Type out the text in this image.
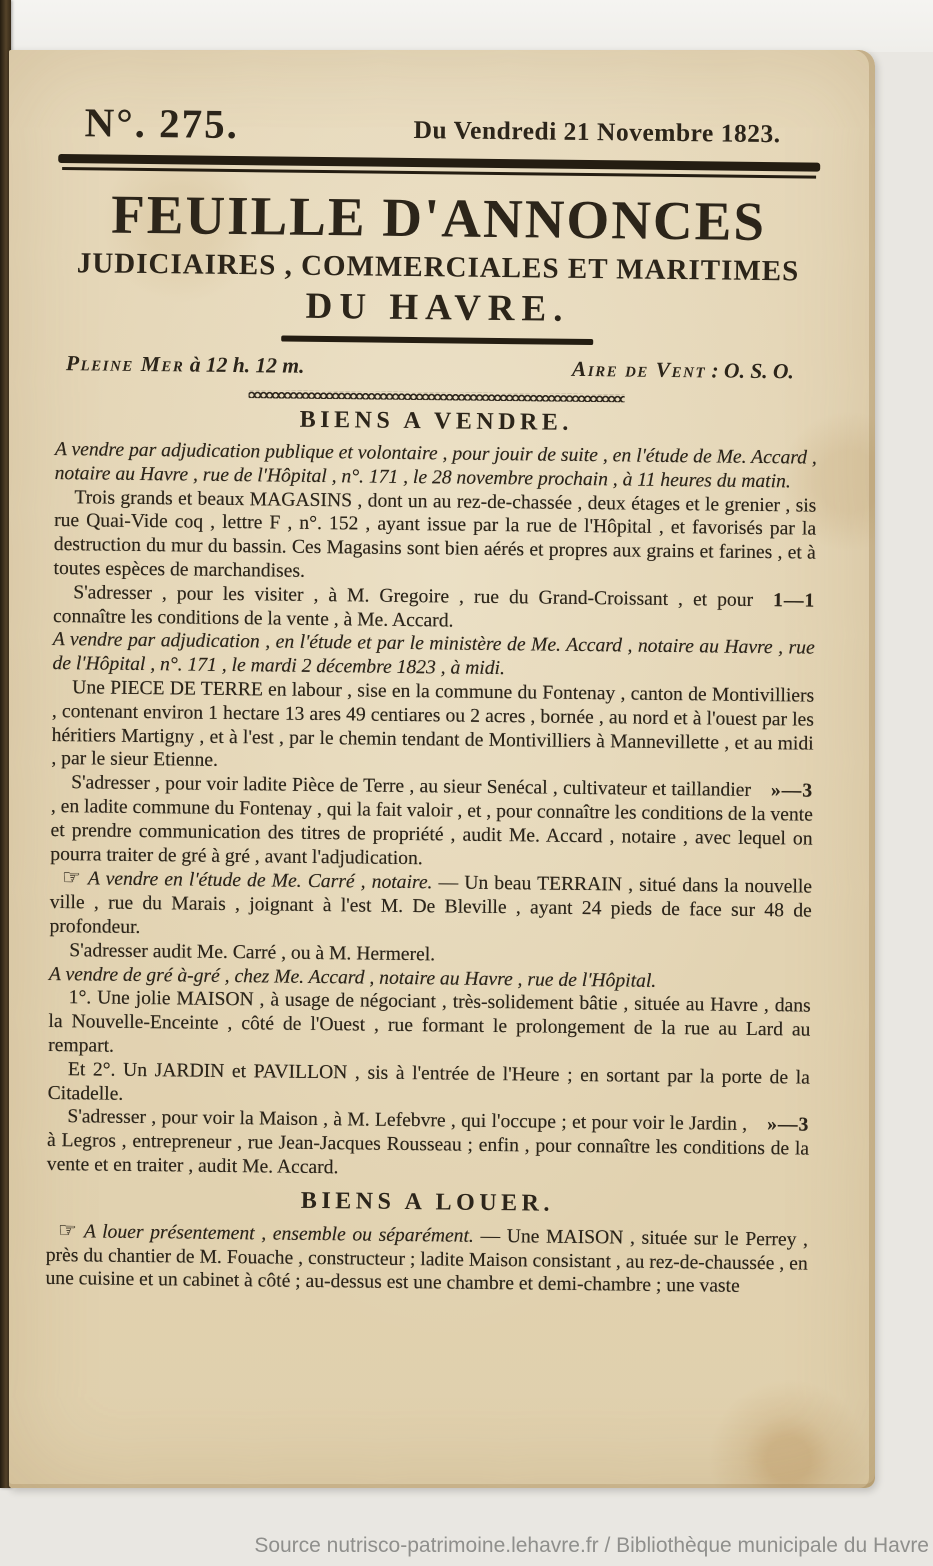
N°. 275.	Du Vendredi 21 Novembre 1823.
FEUILLE D'ANNONCES
JUDICIAIRES , COMMERCIALES ET MARITIMES
DU HAVRE.
Pleine Mer à 12 h. 12 m.	Aire de Vent : O. S. O.
BIENS A VENDRE.

A vendre par adjudication publique et volontaire , pour jouir de suite , en l'étude de Me. Accard , notaire au Havre , rue de l'Hôpital , n°. 171 , le 28 novembre prochain , à 11 heures du matin.

Trois grands et beaux MAGASINS , dont un au rez-de-chassée , deux étages et le grenier , sis rue Quai-Vide coq , lettre F , n°. 152 , ayant issue par la rue de l'Hôpital , et favorisés par la destruction du mur du bassin. Ces Magasins sont bien aérés et propres aux grains et farines , et à toutes espèces de marchandises.

1—1
S'adresser , pour les visiter , à M. Gregoire , rue du Grand-Croissant , et pour connaître les conditions de la vente , à Me. Accard.

A vendre par adjudication , en l'étude et par le ministère de Me. Accard , notaire au Havre , rue de l'Hôpital , n°. 171 , le mardi 2 décembre 1823 , à midi.

Une PIECE DE TERRE en labour , sise en la commune du Fontenay , canton de Montivilliers , contenant environ 1 hectare 13 ares 49 centiares ou 2 acres , bornée , au nord et à l'ouest par les héritiers Martigny , et à l'est , par le chemin tendant de Montivilliers à Mannevillette , et au midi , par le sieur Etienne.

»—3
S'adresser , pour voir ladite Pièce de Terre , au sieur Senécal , cultivateur et taillandier , en ladite commune du Fontenay , qui la fait valoir , et , pour connaître les conditions de la vente et prendre communication des titres de propriété , audit Me. Accard , notaire , avec lequel on pourra traiter de gré à gré , avant l'adjudication.

☞ A vendre en l'étude de Me. Carré , notaire. — Un beau TERRAIN , situé dans la nouvelle ville , rue du Marais , joignant à l'est M. De Bleville , ayant 24 pieds de face sur 48 de profondeur.

S'adresser audit Me. Carré , ou à M. Hermerel.

A vendre de gré à-gré , chez Me. Accard , notaire au Havre , rue de l'Hôpital.

1°. Une jolie MAISON , à usage de négociant , très-solidement bâtie , située au Havre , dans la Nouvelle-Enceinte , côté de l'Ouest , rue formant le prolongement de la rue au Lard au rempart.

Et 2°. Un JARDIN et PAVILLON , sis à l'entrée de l'Heure ; en sortant par la porte de la Citadelle.

»—3
S'adresser , pour voir la Maison , à M. Lefebvre , qui l'occupe ; et pour voir le Jardin , à Legros , entrepreneur , rue Jean-Jacques Rousseau ; enfin , pour connaître les conditions de la vente et en traiter , audit Me. Accard.

BIENS A LOUER.

☞ A louer présentement , ensemble ou séparément. — Une MAISON , située sur le Perrey , près du chantier de M. Fouache , constructeur ; ladite Maison consistant , au rez-de-chaussée , en une cuisine et un cabinet à côté ; au-dessus est une chambre et demi-chambre ; une vaste

Source nutrisco-patrimoine.lehavre.fr / Bibliothèque municipale du Havre
